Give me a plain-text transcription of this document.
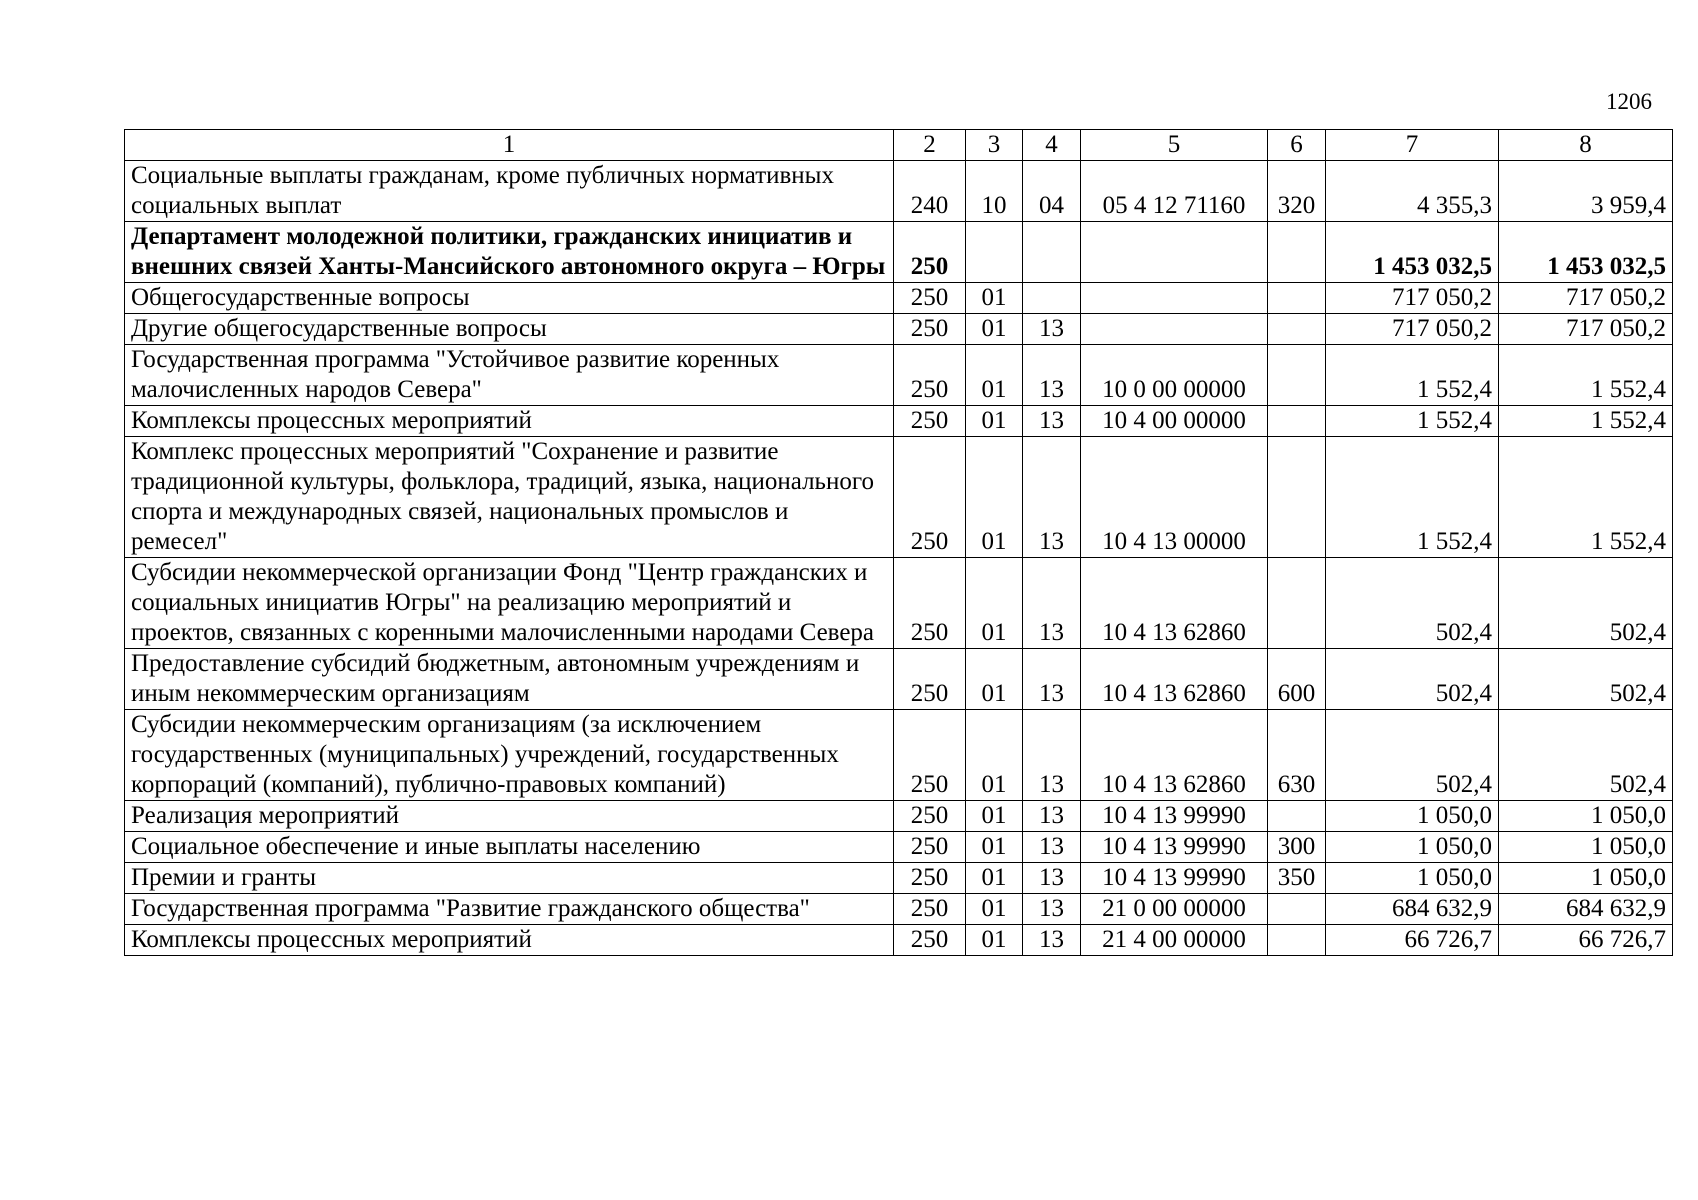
1206
1	2	3	4	5	6	7	8
Социальные выплаты гражданам, кроме публичных нормативных социальных выплат	240	10	04	05 4 12 71160	320	4 355,3	3 959,4
Департамент молодежной политики, гражданских инициатив и внешних связей Ханты-Мансийского автономного округа – Югры	250					1 453 032,5	1 453 032,5
Общегосударственные вопросы	250	01				717 050,2	717 050,2
Другие общегосударственные вопросы	250	01	13			717 050,2	717 050,2
Государственная программа "Устойчивое развитие коренных малочисленных народов Севера"	250	01	13	10 0 00 00000		1 552,4	1 552,4
Комплексы процессных мероприятий	250	01	13	10 4 00 00000		1 552,4	1 552,4
Комплекс процессных мероприятий "Сохранение и развитие традиционной культуры, фольклора, традиций, языка, национального спорта и международных связей, национальных промыслов и ремесел"	250	01	13	10 4 13 00000		1 552,4	1 552,4
Субсидии некоммерческой организации Фонд "Центр гражданских и социальных инициатив Югры" на реализацию мероприятий и проектов, связанных с коренными малочисленными народами Севера	250	01	13	10 4 13 62860		502,4	502,4
Предоставление субсидий бюджетным, автономным учреждениям и иным некоммерческим организациям	250	01	13	10 4 13 62860	600	502,4	502,4
Субсидии некоммерческим организациям (за исключением государственных (муниципальных) учреждений, государственных корпораций (компаний), публично-правовых компаний)	250	01	13	10 4 13 62860	630	502,4	502,4
Реализация мероприятий	250	01	13	10 4 13 99990		1 050,0	1 050,0
Социальное обеспечение и иные выплаты населению	250	01	13	10 4 13 99990	300	1 050,0	1 050,0
Премии и гранты	250	01	13	10 4 13 99990	350	1 050,0	1 050,0
Государственная программа "Развитие гражданского общества"	250	01	13	21 0 00 00000		684 632,9	684 632,9
Комплексы процессных мероприятий	250	01	13	21 4 00 00000		66 726,7	66 726,7
